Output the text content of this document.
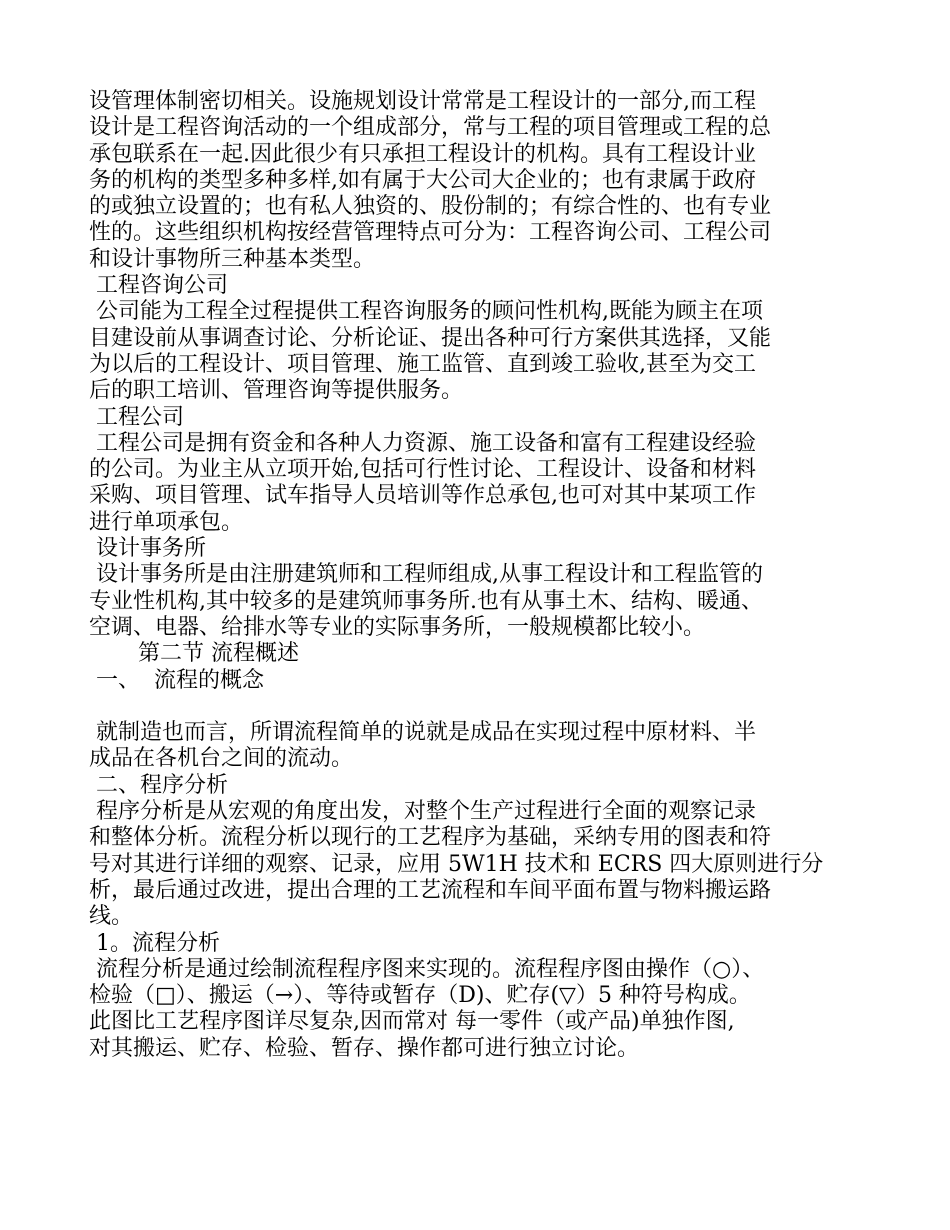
设管理体制密切相关。设施规划设计常常是工程设计的一部分,而工程
设计是工程咨询活动的一个组成部分，常与工程的项目管理或工程的总
承包联系在一起.因此很少有只承担工程设计的机构。具有工程设计业
务的机构的类型多种多样,如有属于大公司大企业的；也有隶属于政府
的或独立设置的；也有私人独资的、股份制的；有综合性的、也有专业
性的。这些组织机构按经营管理特点可分为：工程咨询公司、工程公司
和设计事物所三种基本类型。
工程咨询公司
公司能为工程全过程提供工程咨询服务的顾问性机构,既能为顾主在项
目建设前从事调查讨论、分析论证、提出各种可行方案供其选择，又能
为以后的工程设计、项目管理、施工监管、直到竣工验收,甚至为交工
后的职工培训、管理咨询等提供服务。
工程公司
工程公司是拥有资金和各种人力资源、施工设备和富有工程建设经验
的公司。为业主从立项开始,包括可行性讨论、工程设计、设备和材料
采购、项目管理、试车指导人员培训等作总承包,也可对其中某项工作
进行单项承包。
设计事务所
设计事务所是由注册建筑师和工程师组成,从事工程设计和工程监管的
专业性机构,其中较多的是建筑师事务所.也有从事土木、结构、暖通、
空调、电器、给排水等专业的实际事务所，一般规模都比较小。
第二节 流程概述
一、  流程的概念
就制造也而言，所谓流程简单的说就是成品在实现过程中原材料、半
成品在各机台之间的流动。
二、程序分析
程序分析是从宏观的角度出发，对整个生产过程进行全面的观察记录
和整体分析。流程分析以现行的工艺程序为基础，采纳专用的图表和符
号对其进行详细的观察、记录，应用 5W1H 技术和 ECRS 四大原则进行分
析，最后通过改进，提出合理的工艺流程和车间平面布置与物料搬运路
线。
1。流程分析
流程分析是通过绘制流程程序图来实现的。流程程序图由操作（○）、
检验（□）、搬运（→）、等待或暂存（D)、贮存(▽）5 种符号构成。
此图比工艺程序图详尽复杂,因而常对 每一零件（或产品)单独作图,
对其搬运、贮存、检验、暂存、操作都可进行独立讨论。
